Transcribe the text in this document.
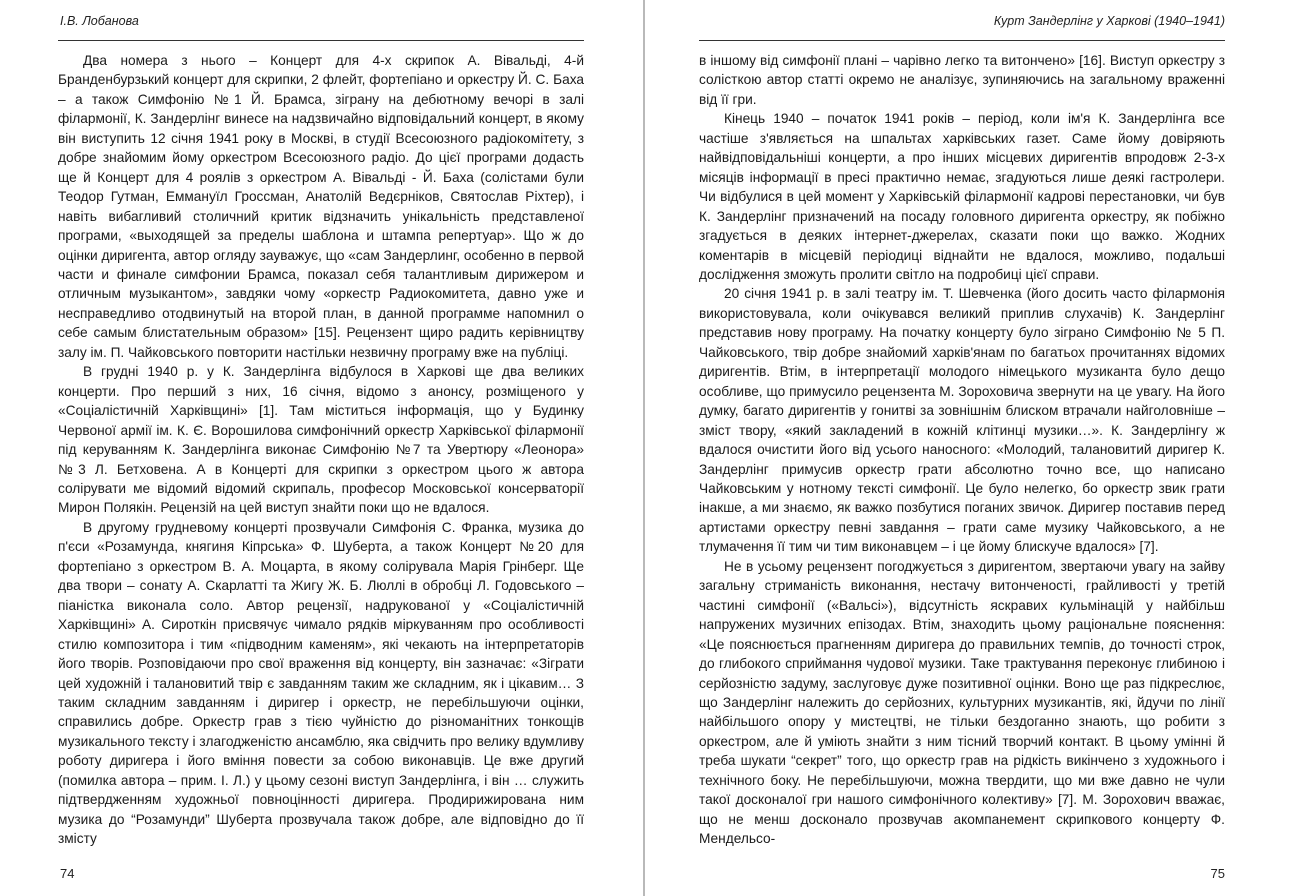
І.В. Лобанова

Два номера з нього – Концерт для 4-х скрипок А. Вівальді, 4-й Бранденбурзький концерт для скрипки, 2 флейт, фортепіано и оркестру Й. С. Баха – а також Симфонію №1 Й. Брамса, зіграну на дебютному вечорі в залі філармонії, К. Зандерлінг винесе на надзвичайно відповідальний концерт, в якому він виступить 12 січня 1941 року в Москві, в студії Всесоюзного радіокомітету, з добре знайомим йому оркестром Всесоюзного радіо. До цієї програми додасть ще й Концерт для 4 роялів з оркестром А. Вівальді - Й. Баха (солістами були Теодор Гутман, Еммануїл Гроссман, Анатолій Ведєрніков, Святослав Ріхтер), і навіть вибагливий столичний критик відзначить унікальність представленої програми, «выходящей за пределы шаблона и штампа репертуар». Що ж до оцінки диригента, автор огляду зауважує, що «сам Зандерлинг, особенно в первой части и финале симфонии Брамса, показал себя талантливым дирижером и отличным музыкантом», завдяки чому «оркестр Радиокомитета, давно уже и несправедливо отодвинутый на второй план, в данной программе напомнил о себе самым блистательным образом» [15]. Рецензент щиро радить керівництву залу ім. П. Чайковського повторити настільки незвичну програму вже на публіці.

В грудні 1940 р. у К. Зандерлінга відбулося в Харкові ще два великих концерти. Про перший з них, 16 січня, відомо з анонсу, розміщеного у «Соціалістичній Харківщині» [1]. Там міститься інформація, що у Будинку Червоної армії ім. К. Є. Ворошилова симфонічний оркестр Харківської філармонії під керуванням К. Зандерлінга виконає Симфонію №7 та Увертюру «Леонора» №3 Л. Бетховена. А в Концерті для скрипки з оркестром цього ж автора солірувати ме відомий відомий скрипаль, професор Московської консерваторії Мирон Полякін. Рецензій на цей виступ знайти поки що не вдалося.

В другому грудневому концерті прозвучали Симфонія С. Франка, музика до п'єси «Розамунда, княгиня Кіпрська» Ф. Шуберта, а також Концерт №20 для фортепіано з оркестром В. А. Моцарта, в якому солірувала Марія Грінберг. Ще два твори – сонату А. Скарлатті та Жигу Ж. Б. Люллі в обробці Л. Годовського – піаністка виконала соло. Автор рецензії, надрукованої у «Соціалістичній Харківщині» А. Сироткін присвячує чимало рядків міркуванням про особливості стилю композитора і тим «підводним каменям», які чекають на інтерпретаторів його творів. Розповідаючи про свої враження від концерту, він зазначає: «Зіграти цей художній і талановитий твір є завданням таким же складним, як і цікавим… З таким складним завданням і диригер і оркестр, не перебільшуючи оцінки, справились добре. Оркестр грав з тією чуйністю до різноманітних тонкощів музикального тексту і злагодженістю ансамблю, яка свідчить про велику вдумливу роботу диригера і його вміння повести за собою виконавців. Це вже другий (помилка автора – прим. І. Л.) у цьому сезоні виступ Зандерлінга, і він … служить підтвердженням художньої повноцінності диригера. Продирижирована ним музика до “Розамунди” Шуберта прозвучала також добре, але відповідно до її змісту

74
Курт Зандерлінг у Харкові (1940–1941)

в іншому від симфонії плані – чарівно легко та витончено» [16]. Виступ оркестру з солісткою автор статті окремо не аналізує, зупиняючись на загальному враженні від її гри.

Кінець 1940 – початок 1941 років – період, коли ім'я К. Зандерлінга все частіше з'являється на шпальтах харківських газет. Саме йому довіряють найвідповідальніші концерти, а про інших місцевих диригентів впродовж 2-3-х місяців інформації в пресі практично немає, згадуються лише деякі гастролери. Чи відбулися в цей момент у Харківській філармонії кадрові перестановки, чи був К. Зандерлінг призначений на посаду головного диригента оркестру, як побіжно згадується в деяких інтернет-джерелах, сказати поки що важко. Жодних коментарів в місцевій періодиці віднайти не вдалося, можливо, подальші дослідження зможуть пролити світло на подробиці цієї справи.

20 січня 1941 р. в залі театру ім. Т. Шевченка (його досить часто філармонія використовувала, коли очікувався великий приплив слухачів) К. Зандерлінг представив нову програму. На початку концерту було зіграно Симфонію № 5 П. Чайковського, твір добре знайомий харків'янам по багатьох прочитаннях відомих диригентів. Втім, в інтерпретації молодого німецького музиканта було дещо особливе, що примусило рецензента М. Зороховича звернути на це увагу. На його думку, багато диригентів у гонитві за зовнішнім блиском втрачали найголовніше – зміст твору, «який закладений в кожній клітинці музики…». К. Зандерлінгу ж вдалося очистити його від усього наносного: «Молодий, талановитий диригер К. Зандерлінг примусив оркестр грати абсолютно точно все, що написано Чайковським у нотному тексті симфонії. Це було нелегко, бо оркестр звик грати інакше, а ми знаємо, як важко позбутися поганих звичок. Диригер поставив перед артистами оркестру певні завдання – грати саме музику Чайковського, а не тлумачення її тим чи тим виконавцем – і це йому блискуче вдалося» [7].

Не в усьому рецензент погоджується з диригентом, звертаючи увагу на зайву загальну стриманість виконання, нестачу витонченості, грайливості у третій частині симфонії («Вальсі»), відсутність яскравих кульмінацій у найбільш напружених музичних епізодах. Втім, знаходить цьому раціональне пояснення: «Це пояснюється прагненням диригера до правильних темпів, до точності строк, до глибокого сприймання чудової музики. Таке трактування переконує глибиною і серйозністю задуму, заслуговує дуже позитивної оцінки. Воно ще раз підкреслює, що Зандерлінг належить до серйозних, культурних музикантів, які, йдучи по лінії найбільшого опору у мистецтві, не тільки бездоганно знають, що робити з оркестром, але й уміють знайти з ним тісний творчий контакт. В цьому умінні й треба шукати “секрет” того, що оркестр грав на рідкість викінчено з художнього і технічного боку. Не перебільшуючи, можна твердити, що ми вже давно не чули такої досконалої гри нашого симфонічного колективу» [7]. М. Зорохович вважає, що не менш досконало прозвучав акомпанемент скрипкового концерту Ф. Мендельсо-

75
